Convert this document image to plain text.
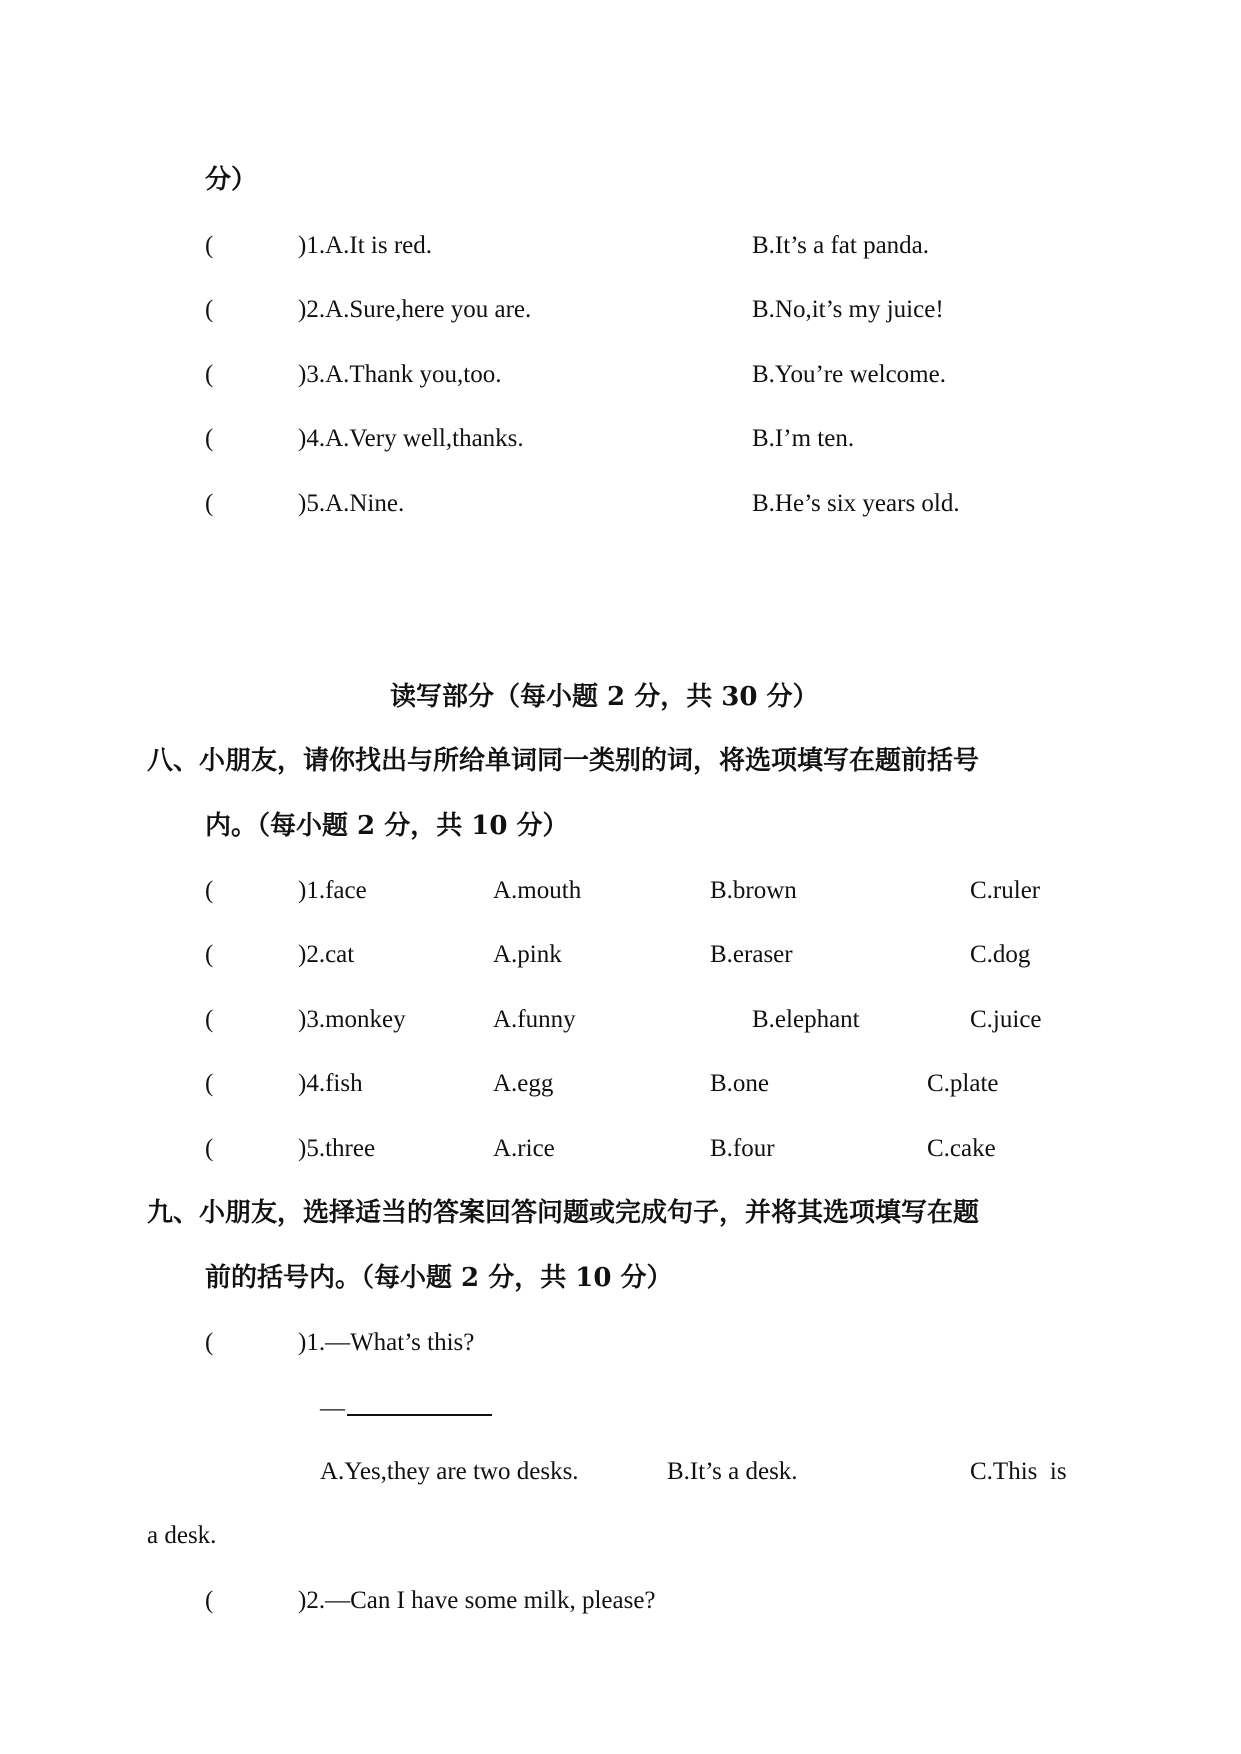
分）
(	)1.A.It is red.	B.It’s a fat panda.
(	)2.A.Sure,here you are.	B.No,it’s my juice!
(	)3.A.Thank you,too.	B.You’re welcome.
(	)4.A.Very well,thanks.	B.I’m ten.
(	)5.A.Nine.	B.He’s six years old.
读写部分（每小题 2 分，共 30 分）
八、小朋友，请你找出与所给单词同一类别的词，将选项填写在题前括号
内。（每小题 2 分，共 10 分）
(	)1.face	A.mouth	B.brown	C.ruler
(	)2.cat	A.pink	B.eraser	C.dog
(	)3.monkey	A.funny	B.elephant	C.juice
(	)4.fish	A.egg	B.one	C.plate
(	)5.three	A.rice	B.four	C.cake
九、小朋友，选择适当的答案回答问题或完成句子，并将其选项填写在题
前的括号内。（每小题 2 分，共 10 分）
(	)1.—What’s this?
—
A.Yes,they are two desks.	B.It’s a desk.	C.This  is
a desk.
(	)2.—Can I have some milk, please?
